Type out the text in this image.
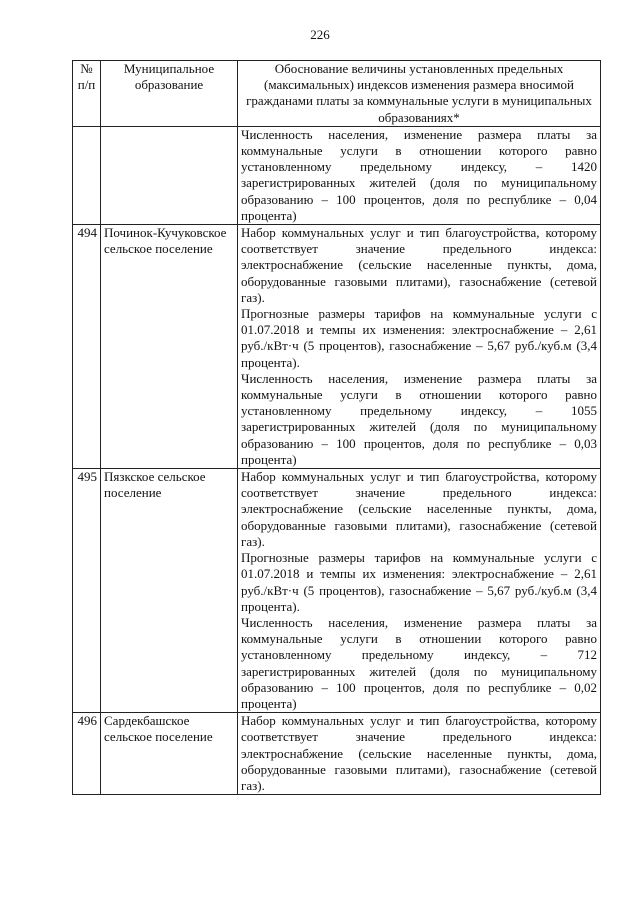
226
№ п/п	Муниципальное образование	Обоснование величины установленных предельных (максимальных) индексов изменения размера вносимой гражданами платы за коммунальные услуги в муниципальных образованиях*

		Численность населения, изменение размера платы за коммунальные услуги в отношении которого равно установленному предельному индексу, – 1420 зарегистрированных жителей (доля по муниципальному образованию – 100 процентов, доля по республике – 0,04 процента)

494	Починок-Кучуковское сельское поселение	Набор коммунальных услуг и тип благоустройства, которому соответствует значение предельного индекса: электроснабжение (сельские населенные пункты, дома, оборудованные газовыми плитами), газоснабжение (сетевой газ).
Прогнозные размеры тарифов на коммунальные услуги с 01.07.2018 и темпы их изменения: электроснабжение – 2,61 руб./кВт·ч (5 процентов), газоснабжение – 5,67 руб./куб.м (3,4 процента).
Численность населения, изменение размера платы за коммунальные услуги в отношении которого равно установленному предельному индексу, – 1055 зарегистрированных жителей (доля по муниципальному образованию – 100 процентов, доля по республике – 0,03 процента)

495	Пязкское сельское поселение	Набор коммунальных услуг и тип благоустройства, которому соответствует значение предельного индекса: электроснабжение (сельские населенные пункты, дома, оборудованные газовыми плитами), газоснабжение (сетевой газ).
Прогнозные размеры тарифов на коммунальные услуги с 01.07.2018 и темпы их изменения: электроснабжение – 2,61 руб./кВт·ч (5 процентов), газоснабжение – 5,67 руб./куб.м (3,4 процента).
Численность населения, изменение размера платы за коммунальные услуги в отношении которого равно установленному предельному индексу, – 712 зарегистрированных жителей (доля по муниципальному образованию – 100 процентов, доля по республике – 0,02 процента)

496	Сардекбашское сельское поселение	Набор коммунальных услуг и тип благоустройства, которому соответствует значение предельного индекса: электроснабжение (сельские населенные пункты, дома, оборудованные газовыми плитами), газоснабжение (сетевой газ).
